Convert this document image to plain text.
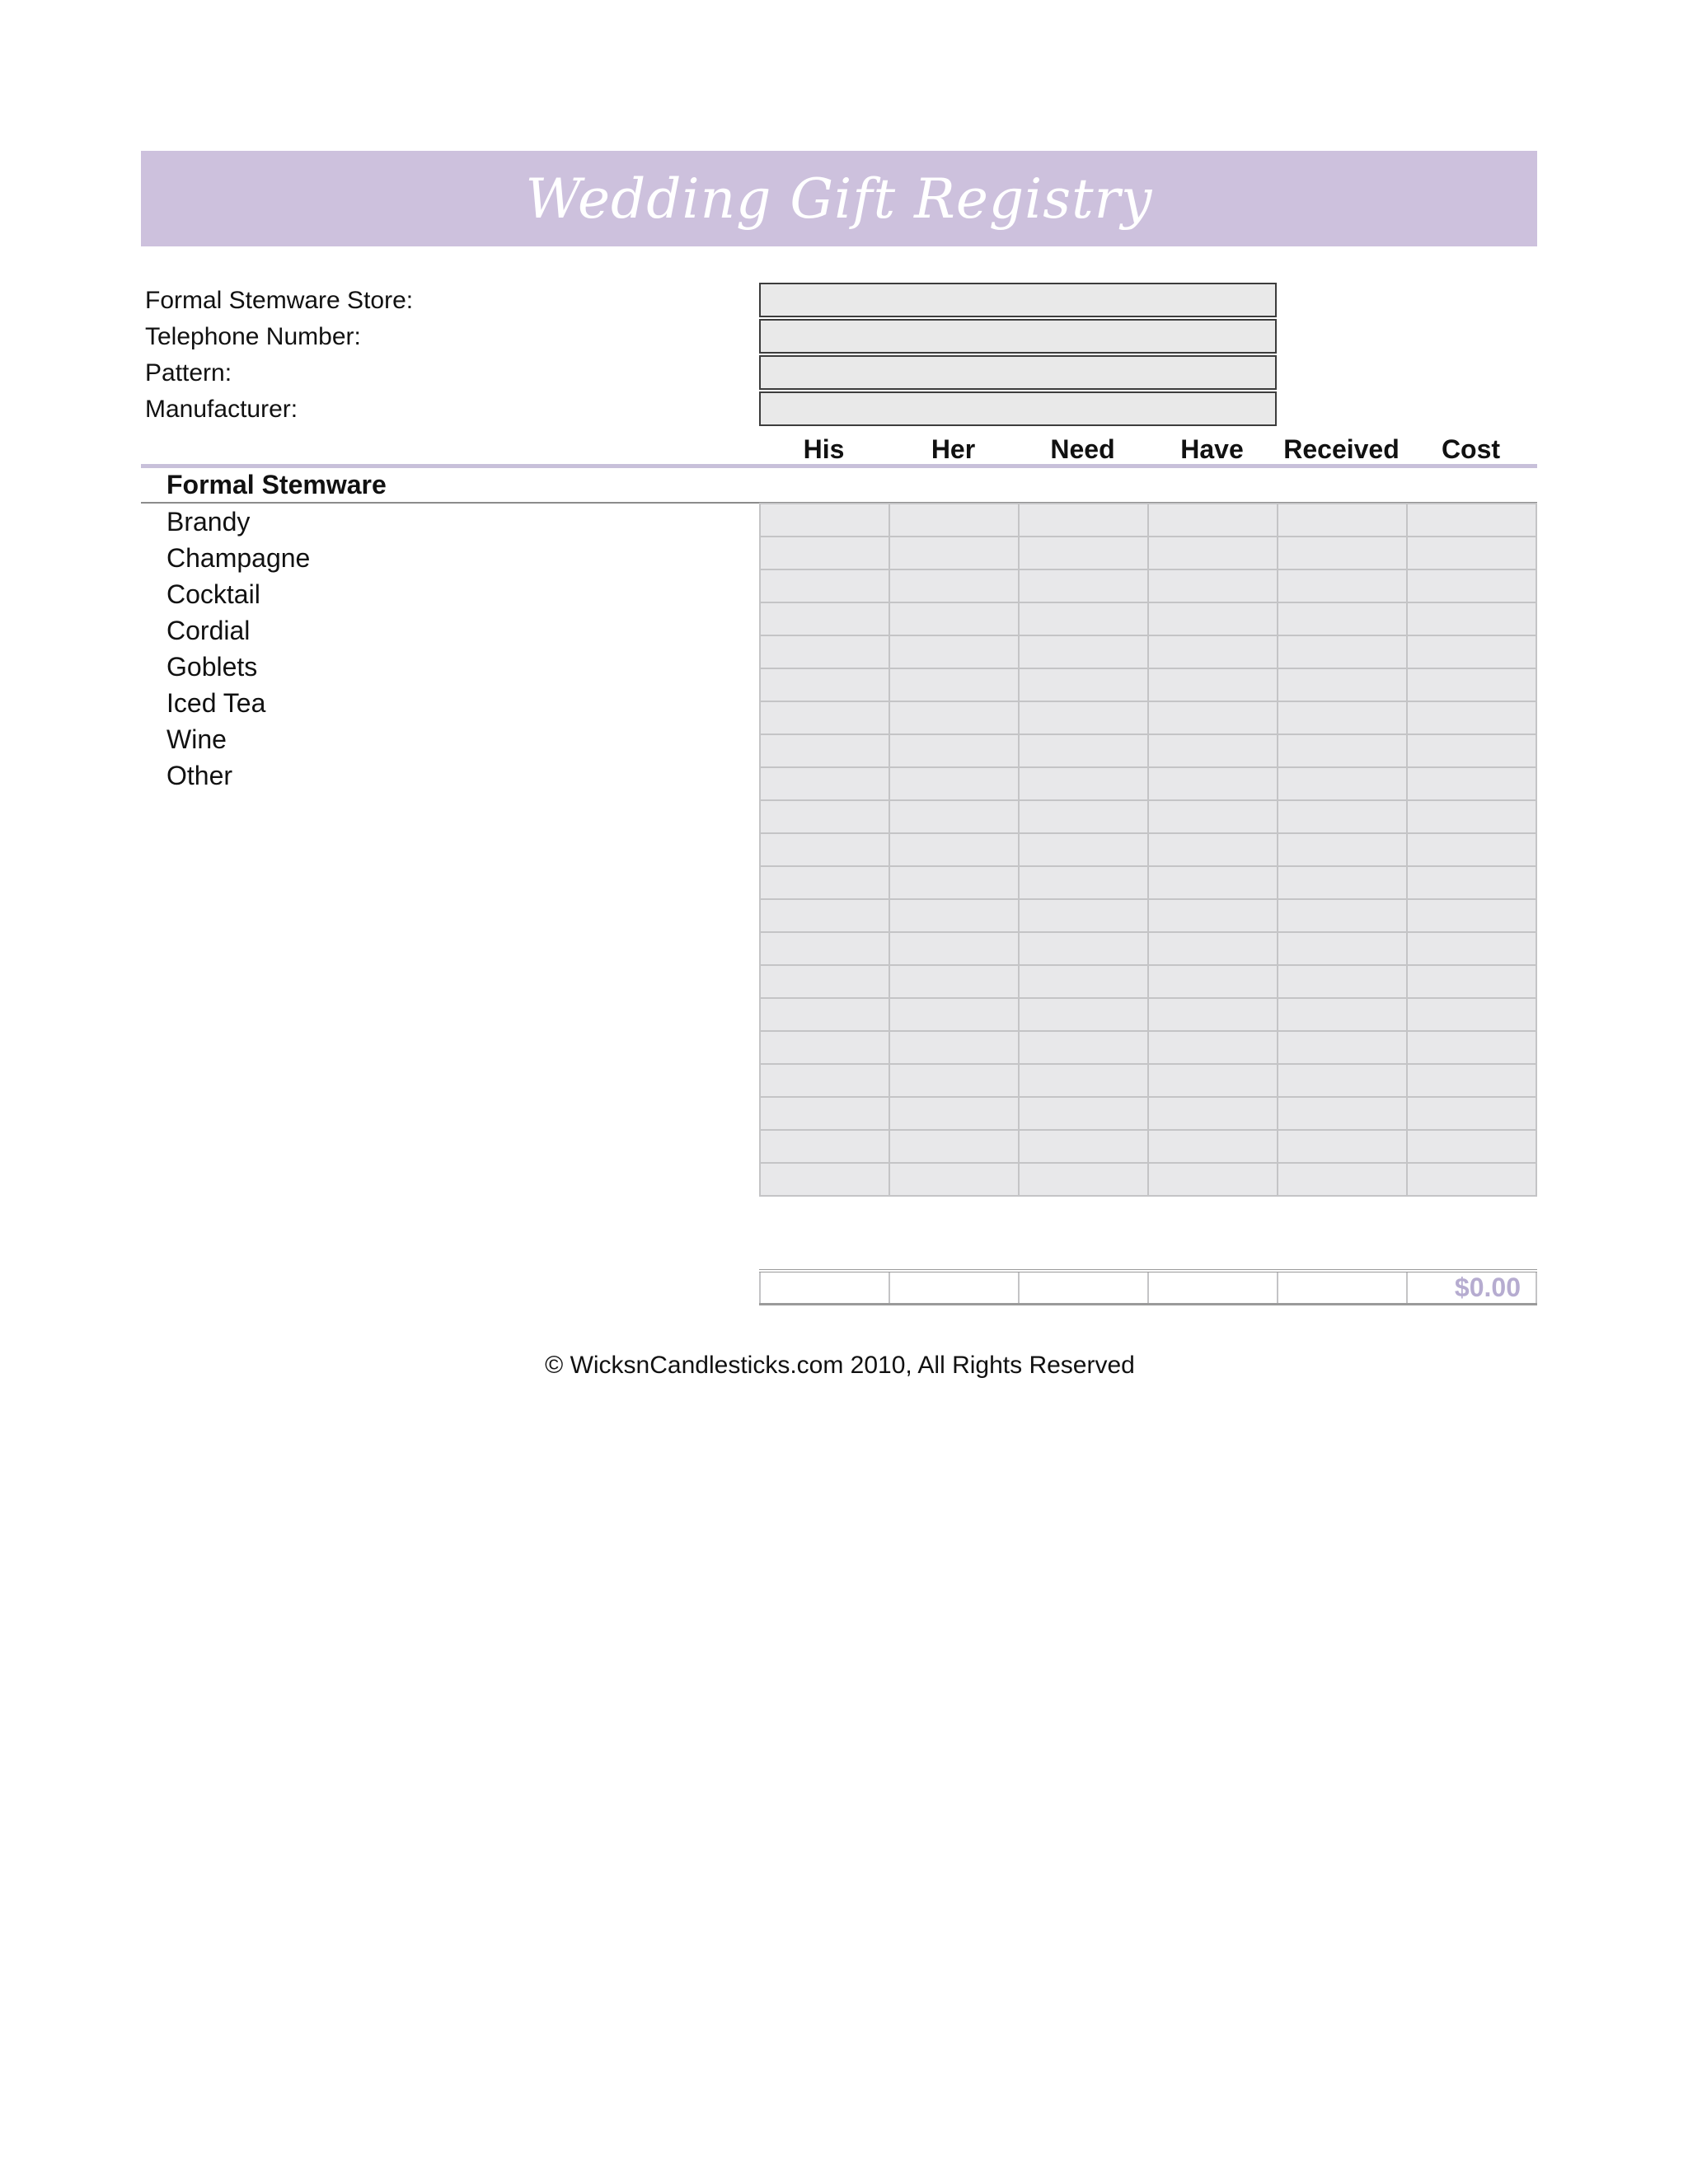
Wedding Gift Registry
Formal Stemware Store:
Telephone Number:
Pattern:
Manufacturer:
His	Her	Need	Have	Received	Cost
Formal Stemware
Brandy
Champagne
Cocktail
Cordial
Goblets
Iced Tea
Wine
Other

					$0.00
© WicksnCandlesticks.com 2010, All Rights Reserved
